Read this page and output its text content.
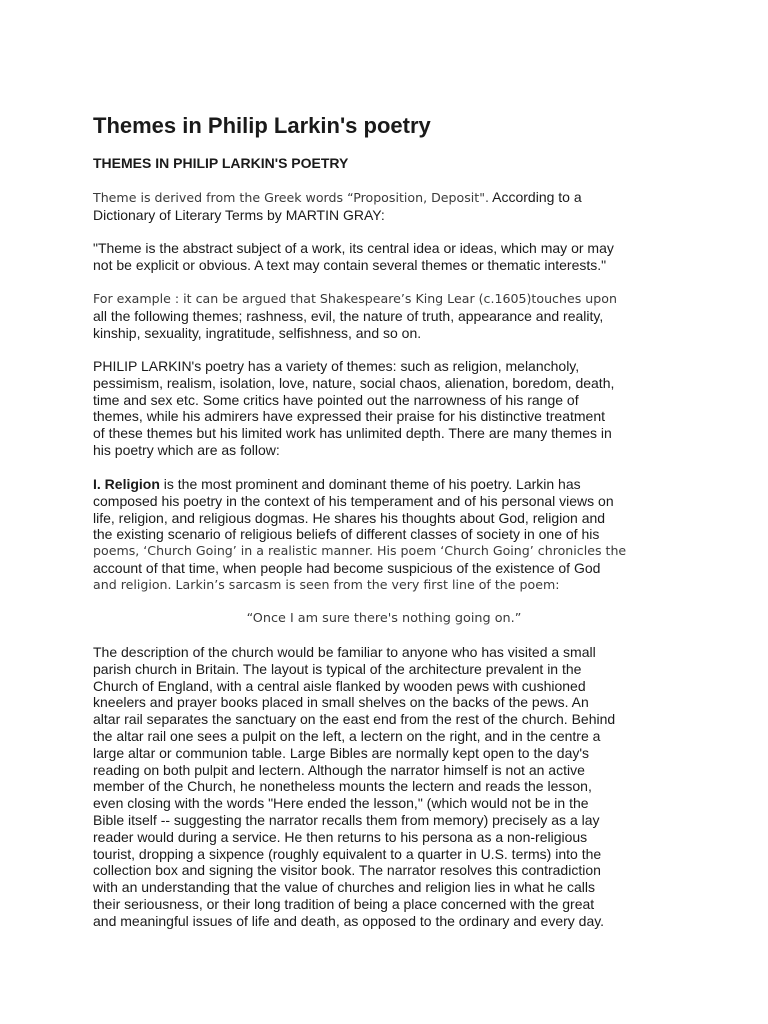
Themes in Philip Larkin's poetry
THEMES IN PHILIP LARKIN'S POETRY

Theme is derived from the Greek words “Proposition, Deposit". According to a
Dictionary of Literary Terms by MARTIN GRAY:

"Theme is the abstract subject of a work, its central idea or ideas, which may or may
not be explicit or obvious. A text may contain several themes or thematic interests."

For example : it can be argued that Shakespeare’s King Lear (c.1605)touches upon
all the following themes; rashness, evil, the nature of truth, appearance and reality,
kinship, sexuality, ingratitude, selfishness, and so on.

PHILIP LARKIN's poetry has a variety of themes: such as religion, melancholy,
pessimism, realism, isolation, love, nature, social chaos, alienation, boredom, death,
time and sex etc. Some critics have pointed out the narrowness of his range of
themes, while his admirers have expressed their praise for his distinctive treatment
of these themes but his limited work has unlimited depth. There are many themes in
his poetry which are as follow:

I. Religion is the most prominent and dominant theme of his poetry. Larkin has
composed his poetry in the context of his temperament and of his personal views on
life, religion, and religious dogmas. He shares his thoughts about God, religion and
the existing scenario of religious beliefs of different classes of society in one of his
poems, ‘Church Going’ in a realistic manner. His poem ‘Church Going’ chronicles the
account of that time, when people had become suspicious of the existence of God
and religion. Larkin’s sarcasm is seen from the very first line of the poem:

“Once I am sure there's nothing going on.”

The description of the church would be familiar to anyone who has visited a small
parish church in Britain. The layout is typical of the architecture prevalent in the
Church of England, with a central aisle flanked by wooden pews with cushioned
kneelers and prayer books placed in small shelves on the backs of the pews. An
altar rail separates the sanctuary on the east end from the rest of the church. Behind
the altar rail one sees a pulpit on the left, a lectern on the right, and in the centre a
large altar or communion table. Large Bibles are normally kept open to the day's
reading on both pulpit and lectern. Although the narrator himself is not an active
member of the Church, he nonetheless mounts the lectern and reads the lesson,
even closing with the words "Here ended the lesson," (which would not be in the
Bible itself -- suggesting the narrator recalls them from memory) precisely as a lay
reader would during a service. He then returns to his persona as a non-religious
tourist, dropping a sixpence (roughly equivalent to a quarter in U.S. terms) into the
collection box and signing the visitor book. The narrator resolves this contradiction
with an understanding that the value of churches and religion lies in what he calls
their seriousness, or their long tradition of being a place concerned with the great
and meaningful issues of life and death, as opposed to the ordinary and every day.
